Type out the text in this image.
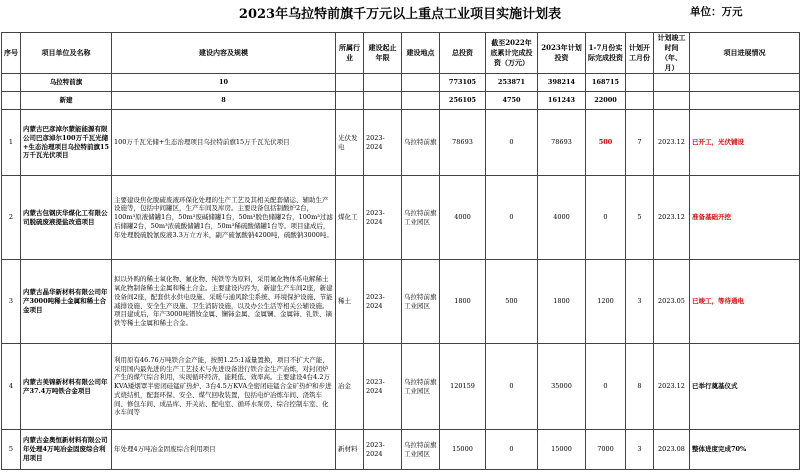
2023年乌拉特前旗千万元以上重点工业项目实施计划表	单位：万元
序号	项目单位及名称	建设内容及规模	所属行业	建设起止年限	建设地点	总投资	截至2022年底累计完成投资（万元）	2023年计划投资	1-7月份实际完成投资	计划开工月份	计划竣工时间（年、月）	项目进展情况
	乌拉特前旗	10				773105	253871	398214	168715			
	新建	8				256105	4750	161243	22000			
1	内蒙古巴彦淖尔蒙能能源有限公司巴彦淖尔100万千瓦光储+生态治理项目乌拉特前旗15万千瓦光伏项目	100万千瓦光储+生态治理项目乌拉特前旗15万千瓦光伏项目	光伏发电	2023-2024	乌拉特前旗	78693	0	78693	500	7	2023.12	已开工，光伏铺设
2	内蒙古包钢庆华煤化工有限公司脱硫废液提盐改造项目	主要建设焦化脱硫废液环保化处理的生产工艺及其相关配套储运、辅助生产设施等，包括中间罐区，生产车间及库房。主要设备包括制酸炉2台，100m³原液储罐1台，50m³废碱储罐1台，50m³脱色储罐2台，100m³过滤后储罐2台，50m³浓硫酸储罐1台，50m³稀硫酸储罐1台等。项目建成后，年处理脱硫脱氰废液3.3万立方米，副产硫氰酸钠4200吨，硫酸钠3000吨。	煤化工	2023-2024	乌拉特前旗工业园区	4000	0	4000	0	5	2023.12	准备基础开挖
3	内蒙古晶华新材料有限公司年产3000吨稀土金属和稀土合金项目	拟以外购的稀土氧化物、氟化物、纯铁等为原料，采用氟化物体系电解稀土氧化物制备稀土金属和稀土合金。主要建设内容为，新建生产车间2座，新建设备间2座，配套供水供电设施、采暖与通风除尘系统、环境保护设施、节能减排设施、安全生产设施、卫生消防设施，以及办公生活等相关公辅设施。项目建成后，年产3000吨镨钕金属、镧铈金属、金属镧、金属铈、钆铁、镝铁等稀土金属和稀土合金。	稀土	2023-2024	乌拉特前旗工业园区	1800	500	1800	1200	3	2023.05	已竣工，等待通电
4	内蒙古美锦新材料有限公司年产37.4万吨铁合金项目	利用原有46.76万吨铁合金产能，按照1.25:1减量置换，项目不扩大产能，采用国内最先进的生产工艺技术与先进设备进行铁合金生产冶炼，对封闭炉产生的煤气综合利用，实现循环经济，能耗低、效率高。主要建设4台4.2万KVA矮烟罩半密闭硅锰矿热炉、3台4.5万KVA全密闭硅锰合金矿热炉和步进式烧结机，配套环保、安全、煤气回收装置，包括电炉冶炼车间、浇筑车间、修包车间、成品库、开关站、配电室、循环水泵房、综合控制车室、化水车间等	冶金	2023-2024	乌拉特前旗工业园区	120159	0	35000	0	8	2023.12	已举行奠基仪式
5	内蒙古金奥恒新材料有限公司年处理4万吨冶金固废综合利用项目	年处理4万吨冶金固废综合利用项目	新材料	2023-2024	乌拉特前旗工业园区	15000	0	15000	7000	3	2023.08	整体进度完成70%
